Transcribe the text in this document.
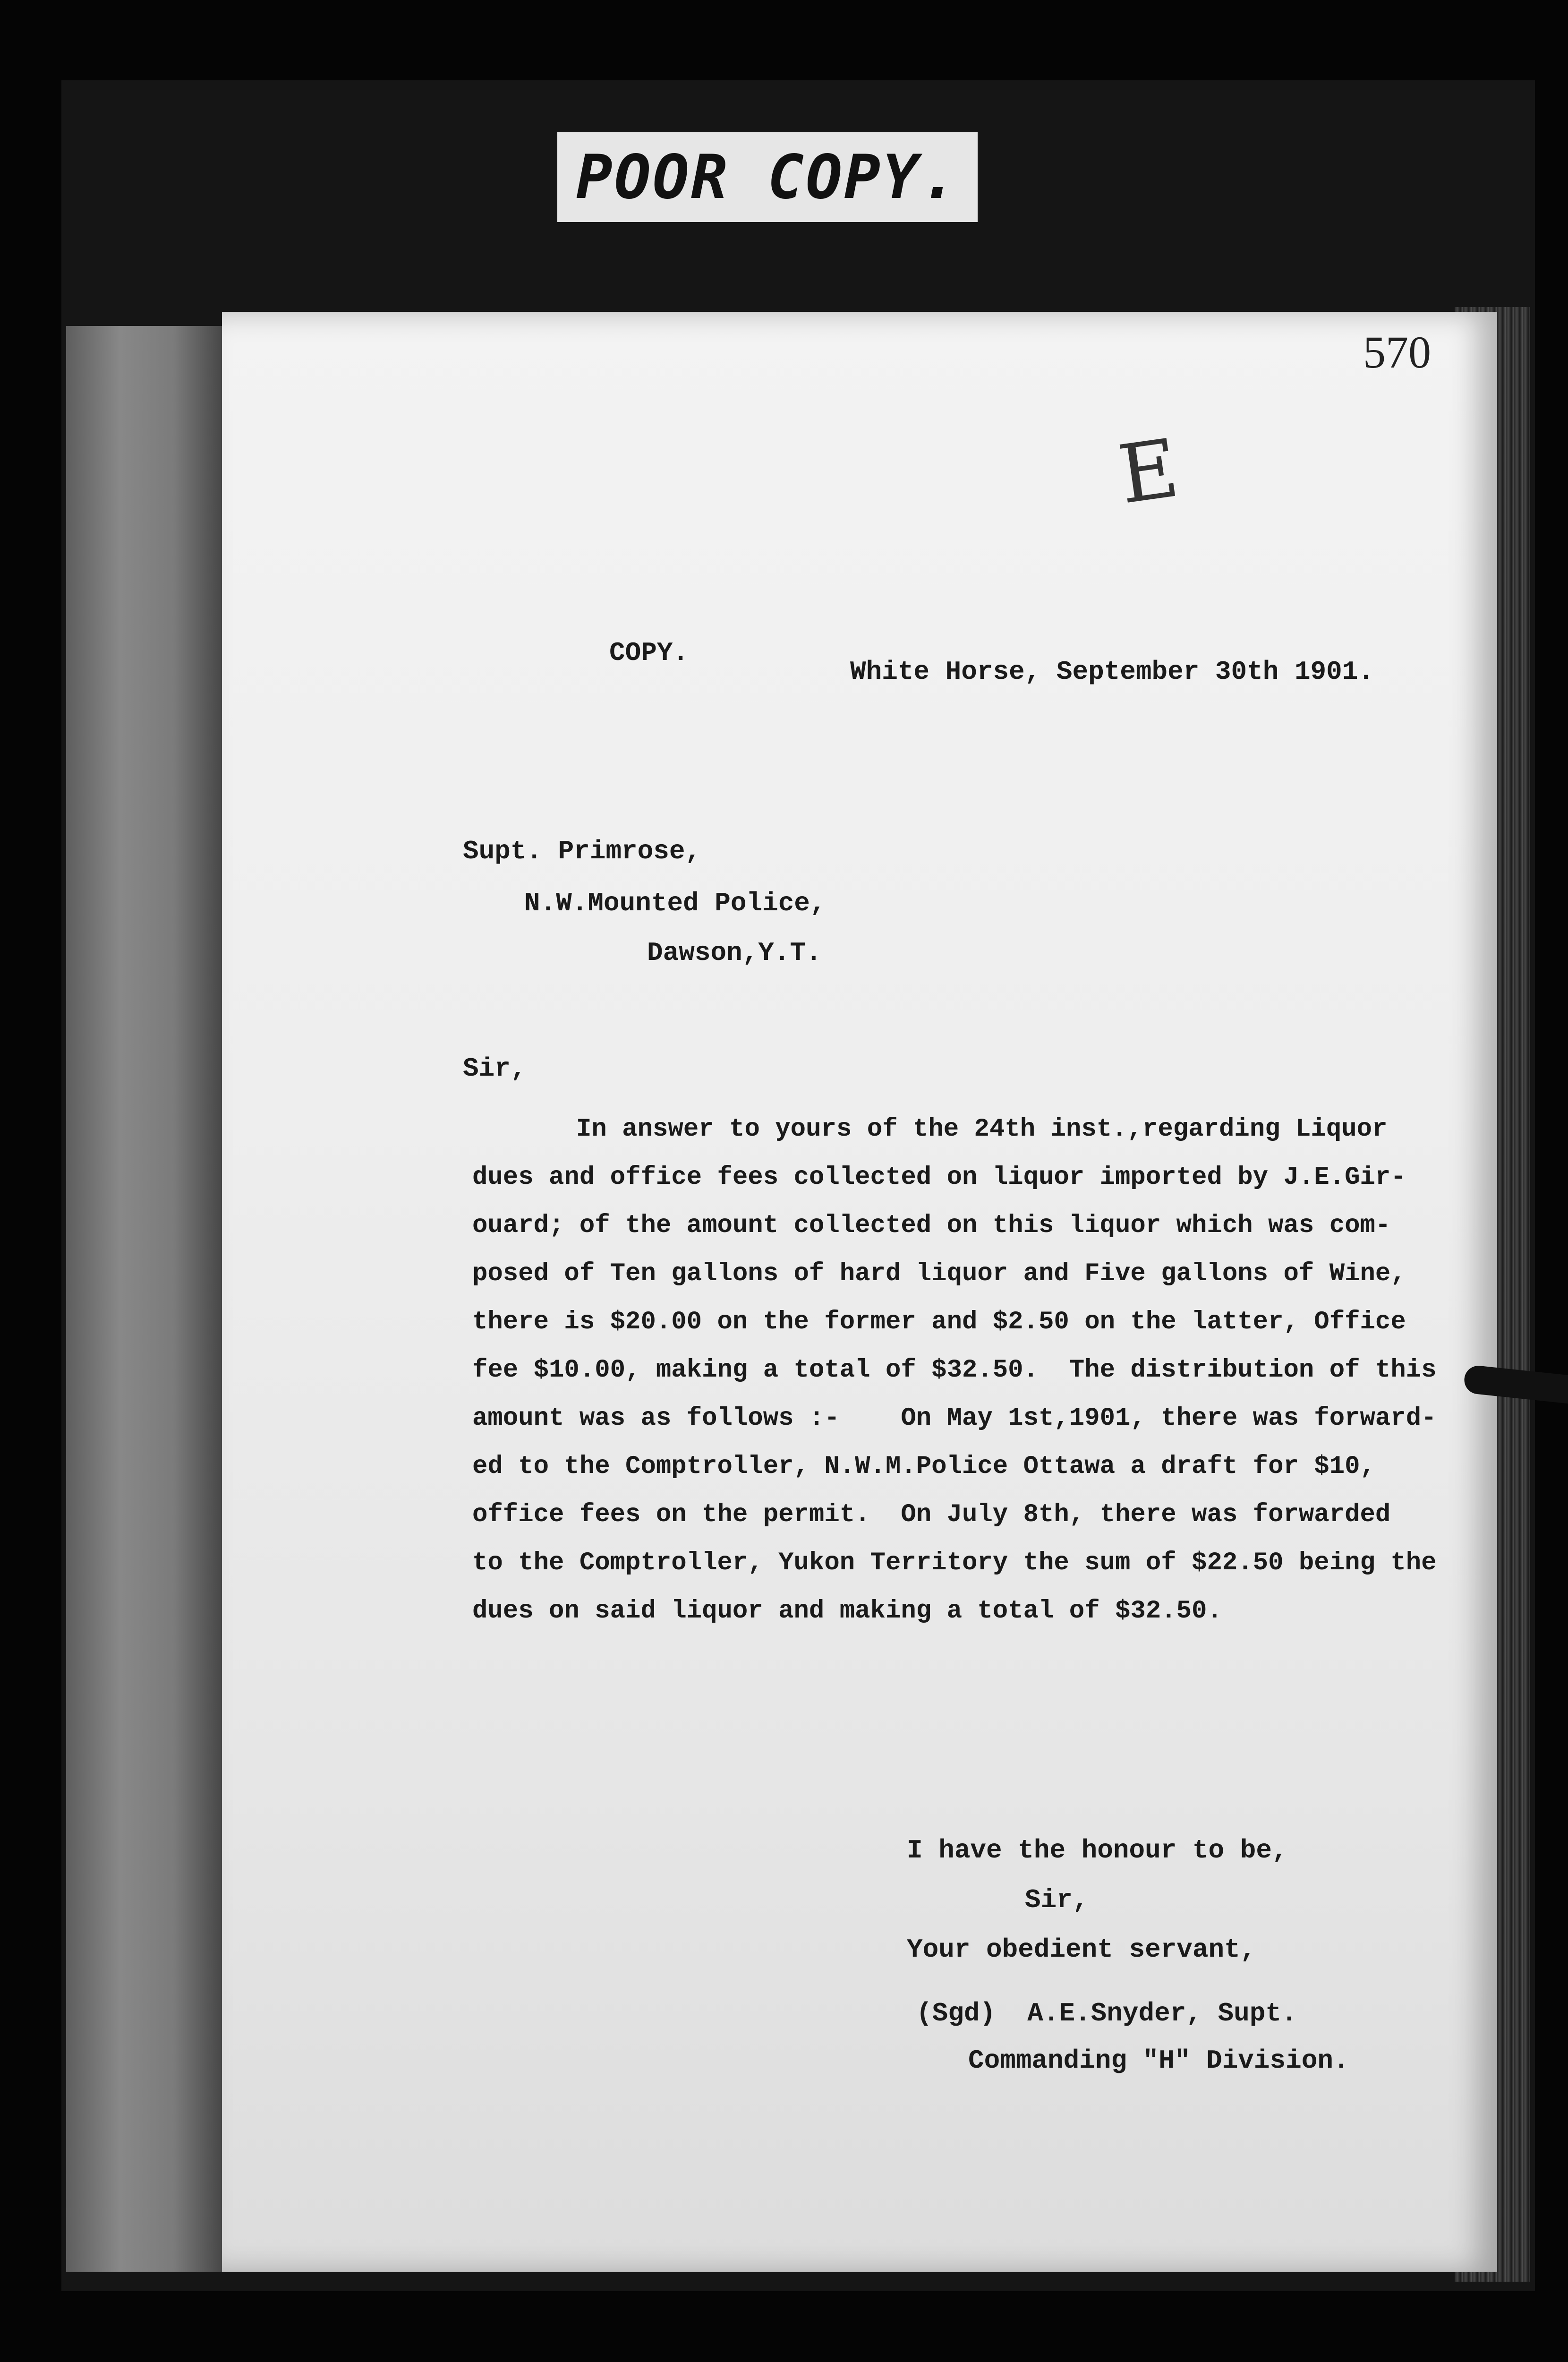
POOR COPY.
570
E
COPY.
White Horse, September 30th 1901.
Supt. Primrose,
N.W.Mounted Police,
Dawson,Y.T.
Sir,
In answer to yours of the 24th inst.,regarding Liquor
dues and office fees collected on liquor imported by J.E.Gir-
ouard; of the amount collected on this liquor which was com-
posed of Ten gallons of hard liquor and Five gallons of Wine,
there is $20.00 on the former and $2.50 on the latter, Office
fee $10.00, making a total of $32.50.  The distribution of this
amount was as follows :-    On May 1st,1901, there was forward-
ed to the Comptroller, N.W.M.Police Ottawa a draft for $10,
office fees on the permit.  On July 8th, there was forwarded
to the Comptroller, Yukon Territory the sum of $22.50 being the
dues on said liquor and making a total of $32.50.
I have the honour to be,
Sir,
Your obedient servant,
(Sgd)  A.E.Snyder, Supt.
Commanding "H" Division.
